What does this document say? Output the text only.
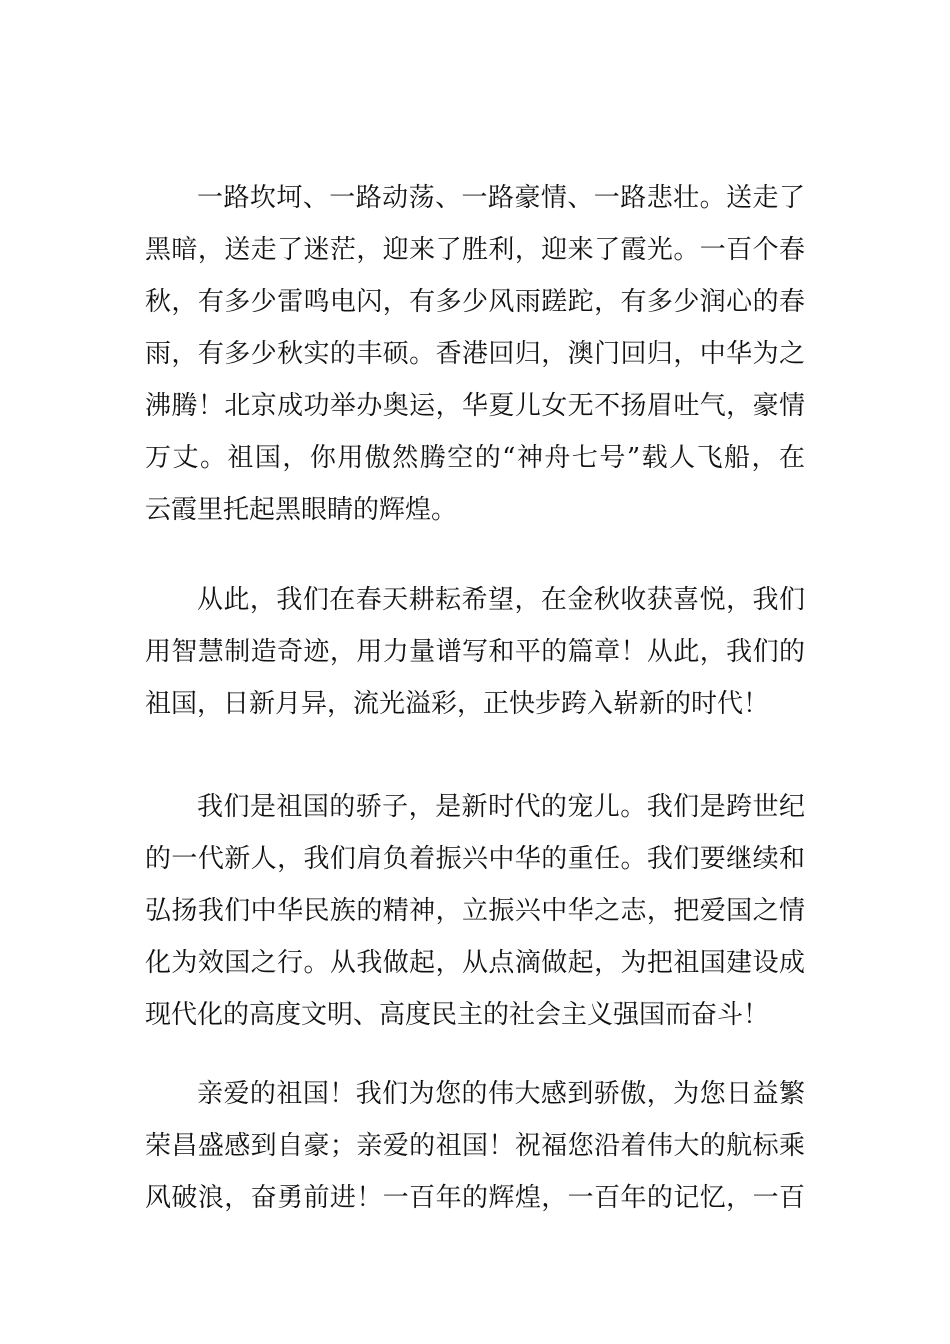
一路坎坷、一路动荡、一路豪情、一路悲壮。送走了
黑暗，送走了迷茫，迎来了胜利，迎来了霞光。一百个春
秋，有多少雷鸣电闪，有多少风雨蹉跎，有多少润心的春
雨，有多少秋实的丰硕。香港回归，澳门回归，中华为之
沸腾！北京成功举办奥运，华夏儿女无不扬眉吐气，豪情
万丈。祖国，你用傲然腾空的“神舟七号”载人飞船，在
云霞里托起黑眼睛的辉煌。
从此，我们在春天耕耘希望，在金秋收获喜悦，我们
用智慧制造奇迹，用力量谱写和平的篇章！从此，我们的
祖国，日新月异，流光溢彩，正快步跨入崭新的时代！
我们是祖国的骄子，是新时代的宠儿。我们是跨世纪
的一代新人，我们肩负着振兴中华的重任。我们要继续和
弘扬我们中华民族的精神，立振兴中华之志，把爱国之情
化为效国之行。从我做起，从点滴做起，为把祖国建设成
现代化的高度文明、高度民主的社会主义强国而奋斗！
亲爱的祖国！我们为您的伟大感到骄傲，为您日益繁
荣昌盛感到自豪；亲爱的祖国！祝福您沿着伟大的航标乘
风破浪，奋勇前进！一百年的辉煌，一百年的记忆，一百
